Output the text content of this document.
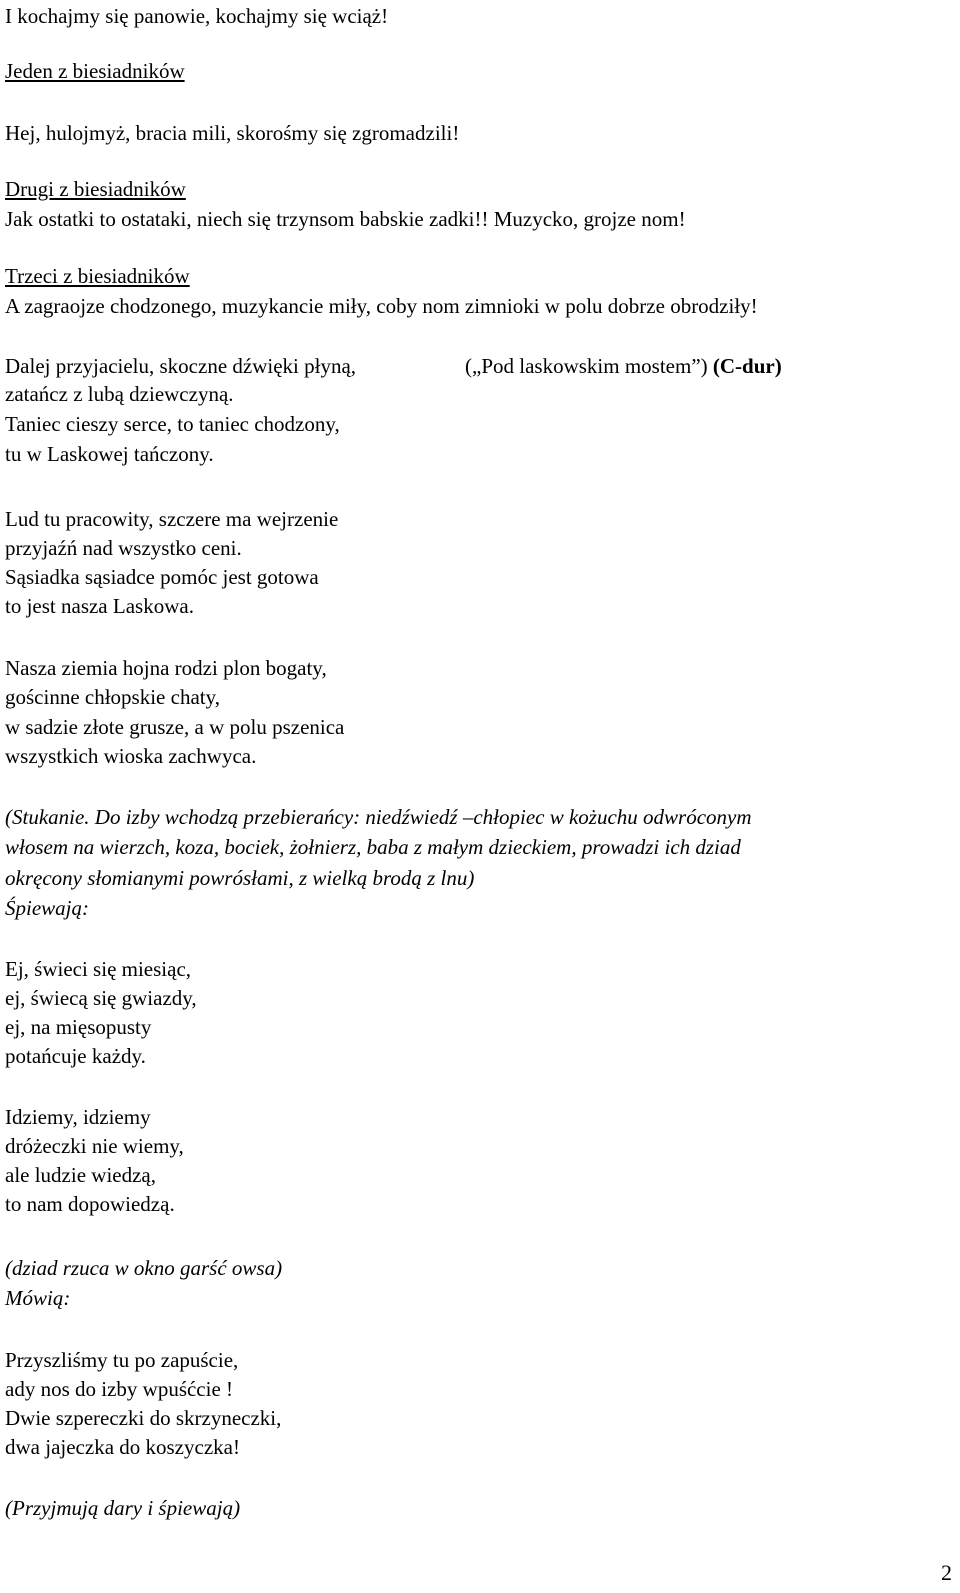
I kochajmy się panowie, kochajmy się wciąż!
Jeden z biesiadników
Hej, hulojmyż, bracia mili, skorośmy się zgromadzili!
Drugi z biesiadników
Jak ostatki to ostataki, niech się trzynsom babskie zadki!! Muzycko, grojze nom!
Trzeci z biesiadników
A zagraojze chodzonego, muzykancie miły, coby nom zimnioki w polu dobrze obrodziły!
(„Pod laskowskim mostem”) (C-dur)
Dalej przyjacielu, skoczne dźwięki płyną,
zatańcz z lubą dziewczyną.
Taniec cieszy serce, to taniec chodzony,
tu w Laskowej tańczony.
Lud tu pracowity, szczere ma wejrzenie
przyjaźń nad wszystko ceni.
Sąsiadka sąsiadce pomóc jest gotowa
to jest nasza Laskowa.
Nasza ziemia hojna rodzi plon bogaty,
gościnne chłopskie chaty,
w sadzie złote grusze, a w polu pszenica
wszystkich wioska zachwyca.
(Stukanie. Do izby wchodzą przebierańcy: niedźwiedź –chłopiec w kożuchu odwróconym
włosem na wierzch, koza, bociek, żołnierz, baba z małym dzieckiem, prowadzi ich dziad
okręcony słomianymi powrósłami, z wielką brodą z lnu)
Śpiewają:
Ej, świeci się miesiąc,
ej, świecą się gwiazdy,
ej, na mięsopusty
potańcuje każdy.
Idziemy, idziemy
dróżeczki nie wiemy,
ale ludzie wiedzą,
to nam dopowiedzą.
(dziad rzuca w okno garść owsa)
Mówią:
Przyszliśmy tu po zapuście,
ady nos do izby wpuśćcie !
Dwie szpereczki do skrzyneczki,
dwa jajeczka do koszyczka!
(Przyjmują dary i śpiewają)
2
